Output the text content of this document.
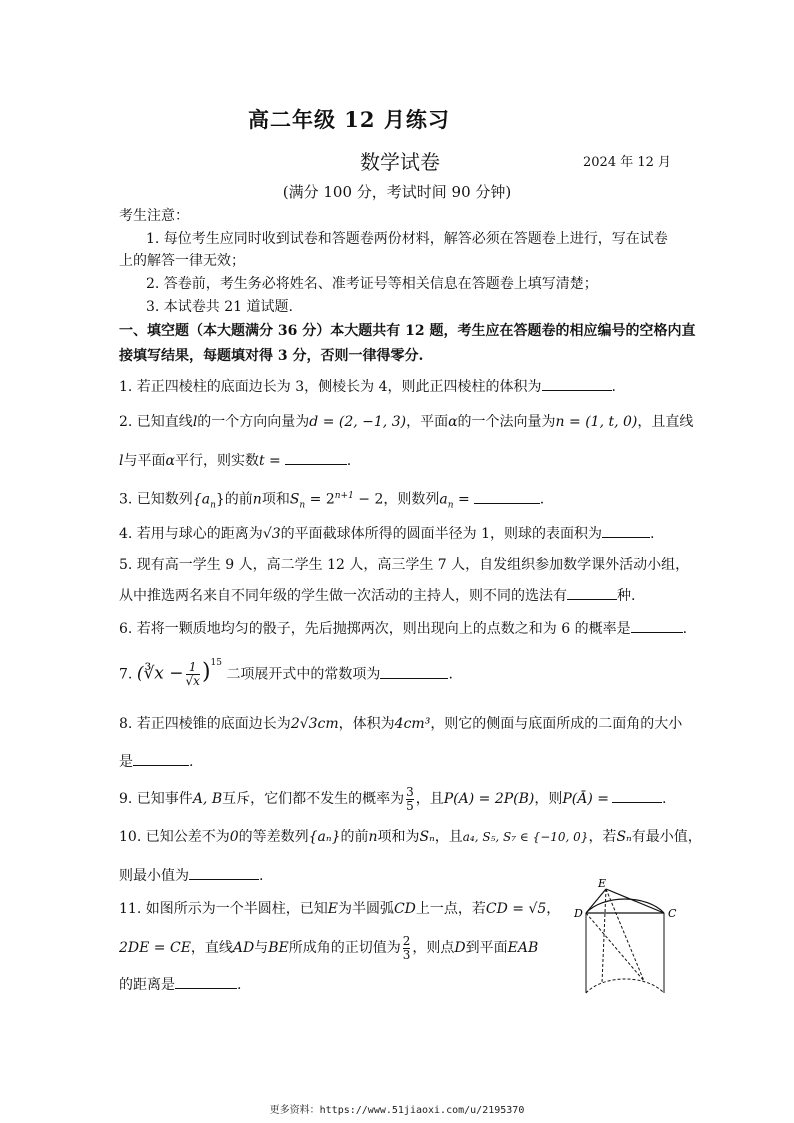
高二年级 12 月练习
数学试卷	2024 年 12 月
(满分 100 分，考试时间 90 分钟)
考生注意：
1. 每位考生应同时收到试卷和答题卷两份材料，解答必须在答题卷上进行，写在试卷
上的解答一律无效；
2. 答卷前，考生务必将姓名、准考证号等相关信息在答题卷上填写清楚；
3. 本试卷共 21 道试题.
一、填空题（本大题满分 36 分）本大题共有 12 题，考生应在答题卷的相应编号的空格内直
接填写结果，每题填对得 3 分，否则一律得零分.
1. 若正四棱柱的底面边长为 3，侧棱长为 4，则此正四棱柱的体积为	.
2. 已知直线l的一个方向向量为d = (2, −1, 3)，平面α的一个法向量为n = (1, t, 0)，且直线
l与平面α平行，则实数t =	.
3. 已知数列$\{a_n\}$的前n项和$S_n = 2^{n+1} - 2$，则数列$a_n$ =	.
4. 若用与球心的距离为√3的平面截球体所得的圆面半径为 1，则球的表面积为	.
5. 现有高一学生 9 人，高二学生 12 人，高三学生 7 人，自发组织参加数学课外活动小组，
从中推选两名来自不同年级的学生做一次活动的主持人，则不同的选法有	种.
6. 若将一颗质地均匀的骰子，先后抛掷两次，则出现向上的点数之和为 6 的概率是	.
7. (∛x − $\frac{1}{√x} )^{15}$ 二项展开式中的常数项为	.
8. 若正四棱锥的底面边长为2√3cm，体积为4cm³，则它的侧面与底面所成的二面角的大小
是	.
9. 已知事件A, B互斥，它们都不发生的概率为 $\frac{3}{5}$ ，且P(A) = 2P(B)，则P(Ā) =	.
10. 已知公差不为0的等差数列{aₙ}的前n项和为Sₙ，且a₄, S₅, S₇ ∈ {−10, 0}，若Sₙ有最小值，
则最小值为	.
11. 如图所示为一个半圆柱，已知E为半圆弧CD上一点，若CD = √5，
2DE = CE，直线AD与BE所成角的正切值为 $\frac{2}{3}$ ，则点D到平面EAB
的距离是	.
E
D	C
更多资料：https://www.51jiaoxi.com/u/2195370
